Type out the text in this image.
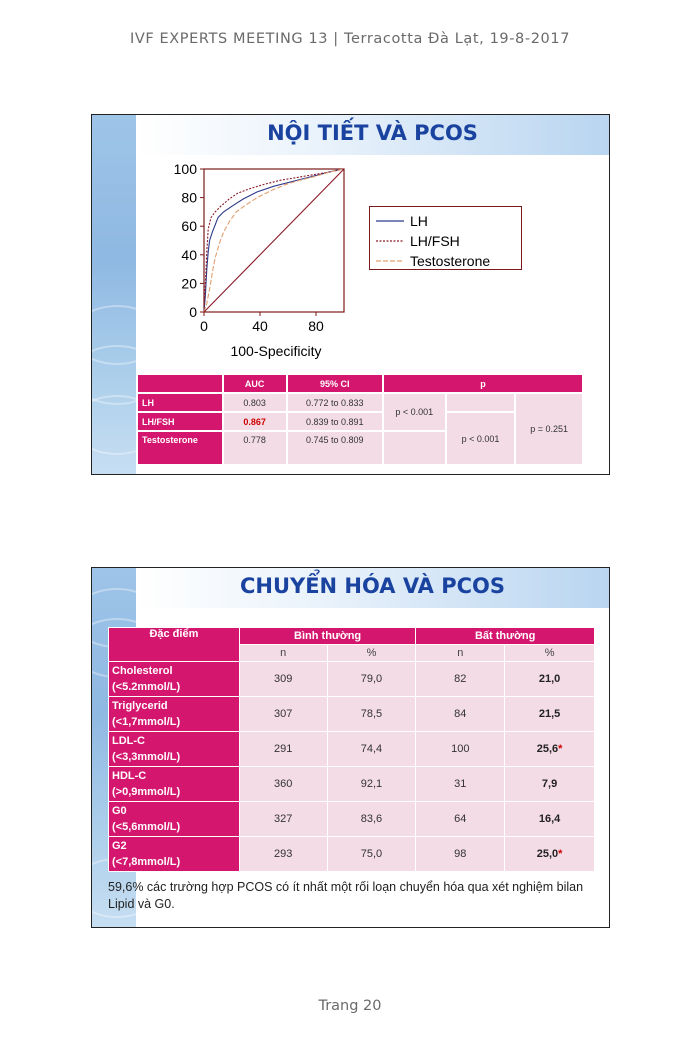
IVF EXPERTS MEETING 13 | Terracotta Đà Lạt, 19-8-2017
NỘI TIẾT VÀ PCOS
100
80
60
40
20
0
0	40	80
100-Specificity
LH
LH/FSH
Testosterone
	AUC	95% CI	p		
LH	0.803	0.772 to 0.833	p < 0.001		p = 0.251
LH/FSH	0.867	0.839 to 0.891		p < 0.001	
Testosterone	0.778	0.745 to 0.809			
CHUYỂN HÓA VÀ PCOS
Đặc điểm	Bình thường		Bất thường	
	n	%	n	%
Cholesterol
(<5.2mmol/L)	309	79,0	82	21,0
Triglycerid
(<1,7mmol/L)	307	78,5	84	21,5
LDL-C
(<3,3mmol/L)	291	74,4	100	25,6*
HDL-C
(>0,9mmol/L)	360	92,1	31	7,9
G0
(<5,6mmol/L)	327	83,6	64	16,4
G2
(<7,8mmol/L)	293	75,0	98	25,0*
59,6% các trường hợp PCOS có ít nhất một rối loạn chuyển hóa qua xét nghiệm bilan Lipid và G0.
Trang 20
